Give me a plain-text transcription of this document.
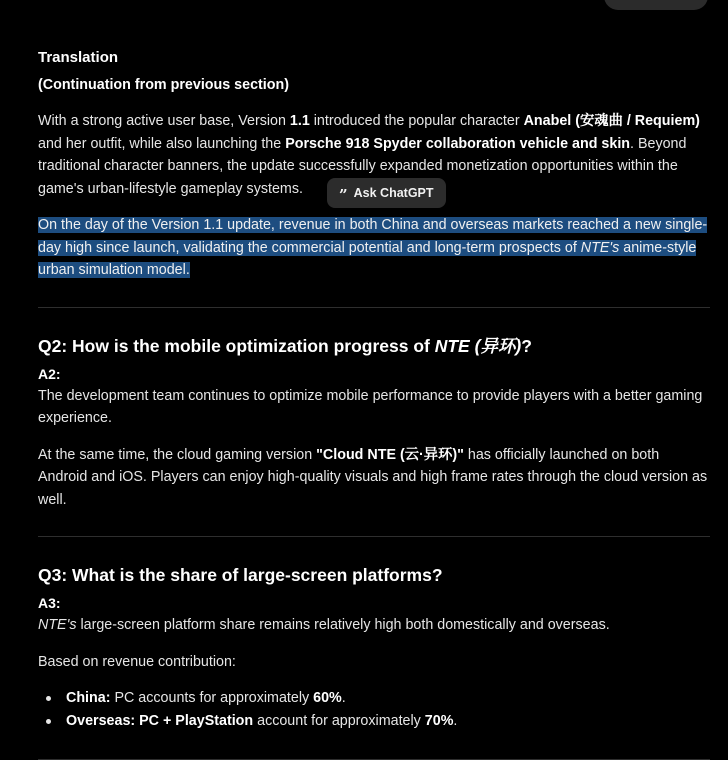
Translation

(Continuation from previous section)

With a strong active user base, Version 1.1 introduced the popular character Anabel (安魂曲 / Requiem) and her outfit, while also launching the Porsche 918 Spyder collaboration vehicle and skin. Beyond traditional character banners, the update successfully expanded monetization opportunities within the game's urban-lifestyle gameplay systems.

On the day of the Version 1.1 update, revenue in both China and overseas markets reached a new single-day high since launch, validating the commercial potential and long-term prospects of NTE's anime-style urban simulation model.

Q2: How is the mobile optimization progress of NTE (异环)?

A2:

The development team continues to optimize mobile performance to provide players with a better gaming experience.

At the same time, the cloud gaming version "Cloud NTE (云·异环)" has officially launched on both Android and iOS. Players can enjoy high-quality visuals and high frame rates through the cloud version as well.

Q3: What is the share of large-screen platforms?

A3:

NTE's large-screen platform share remains relatively high both domestically and overseas.

Based on revenue contribution:

China: PC accounts for approximately 60%.
Overseas: PC + PlayStation account for approximately 70%.
” Ask ChatGPT
